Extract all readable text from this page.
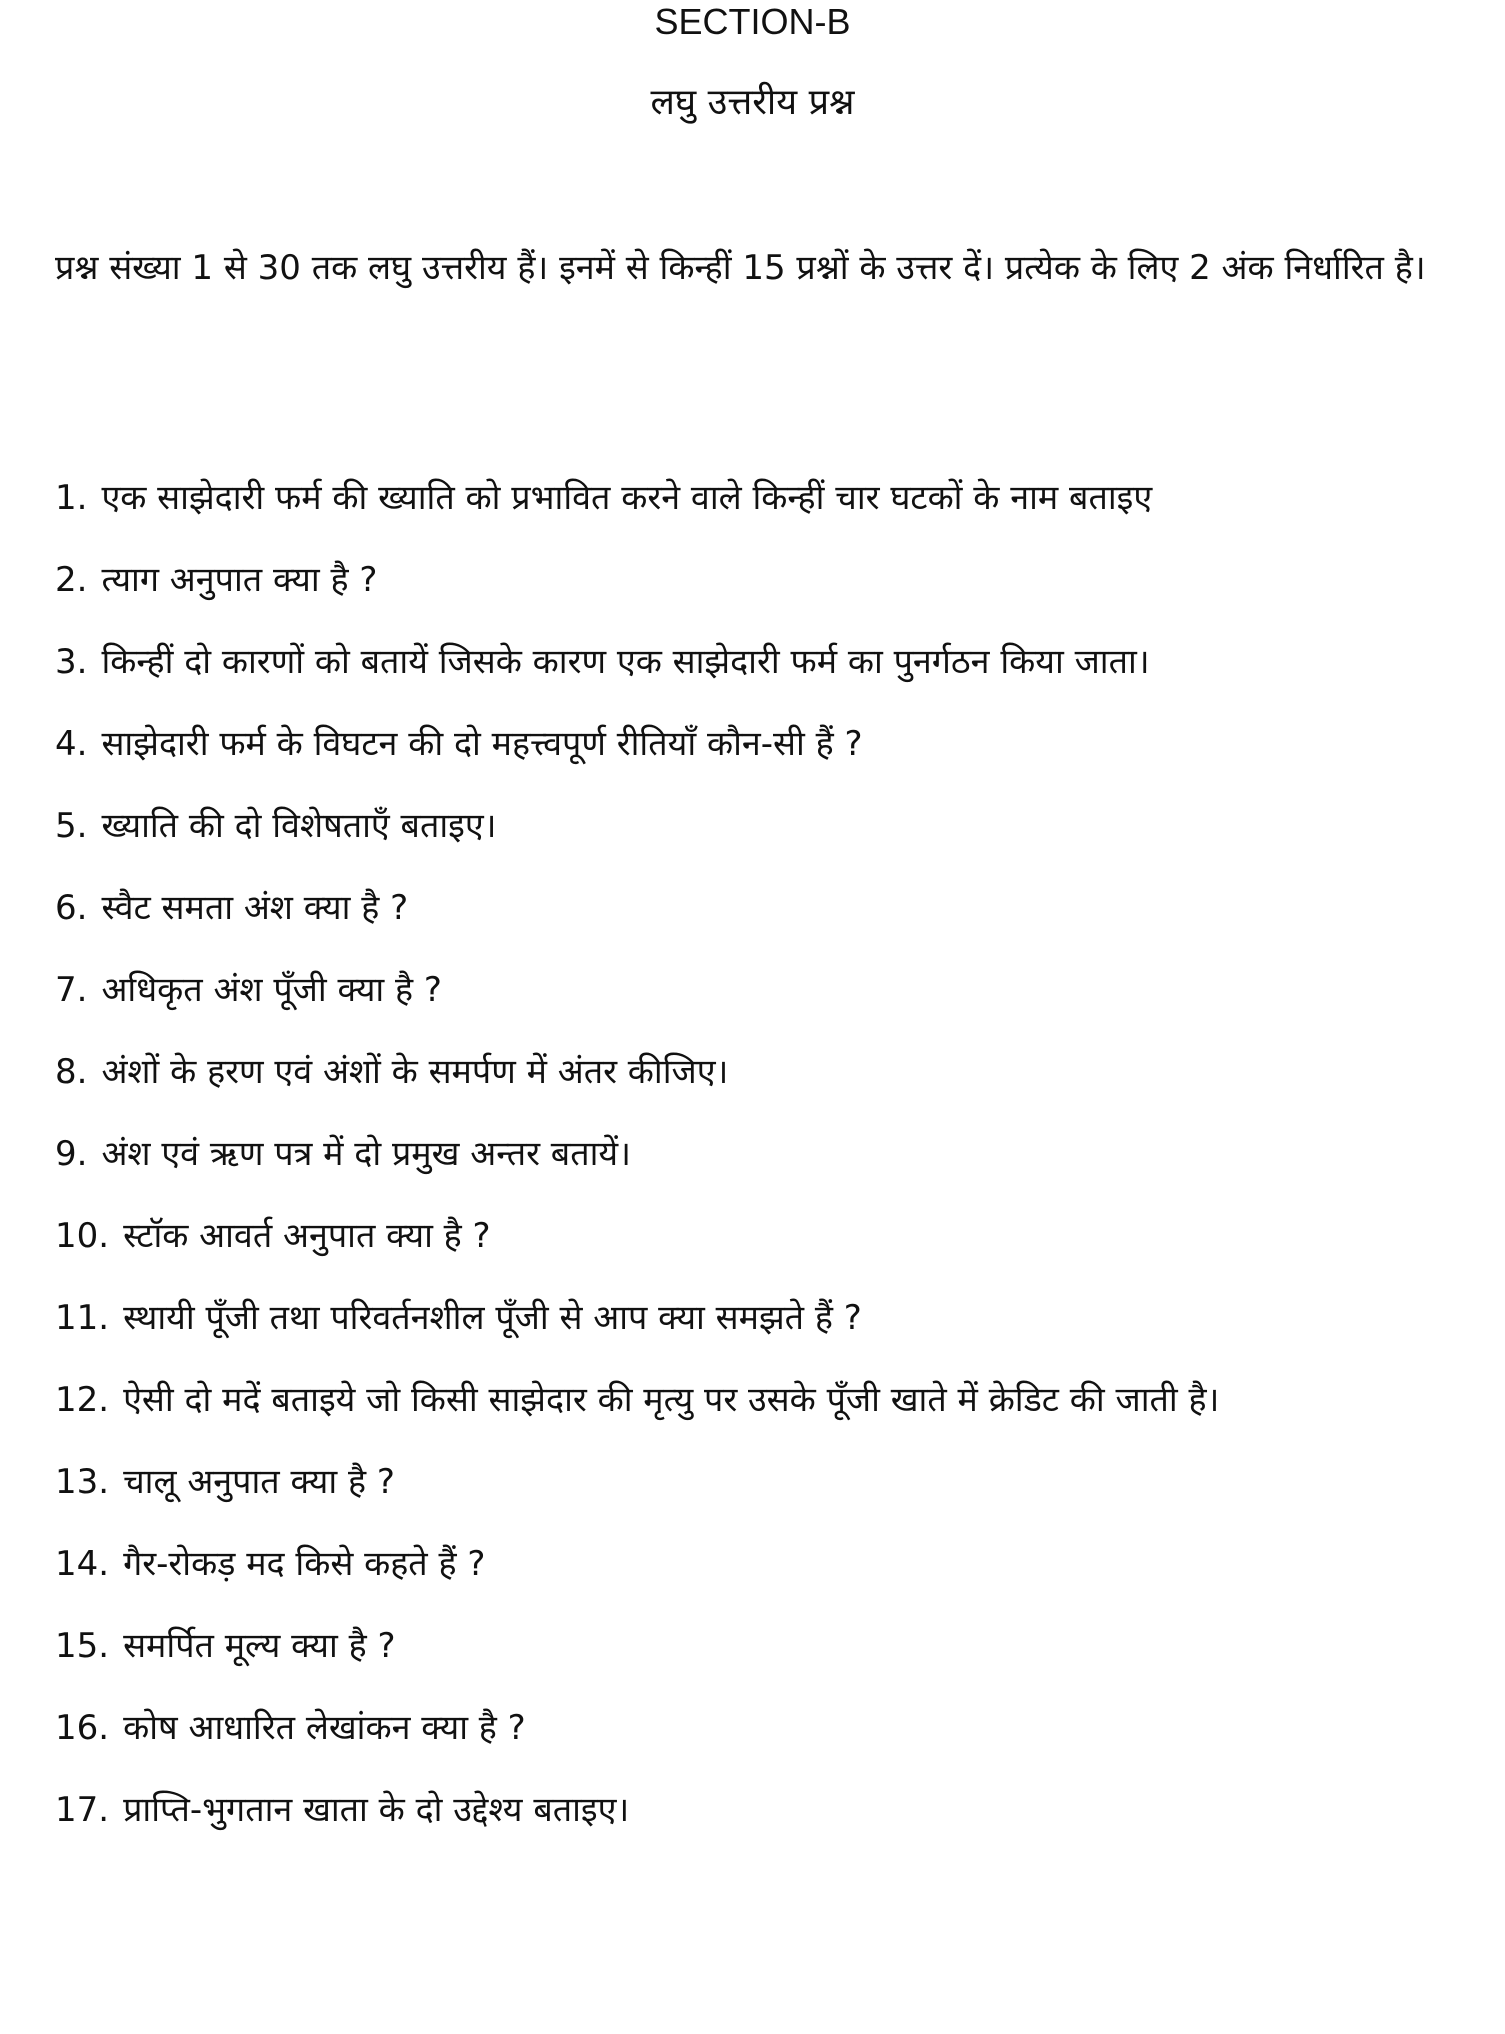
SECTION-B
लघु उत्तरीय प्रश्न
प्रश्न संख्या 1 से 30 तक लघु उत्तरीय हैं। इनमें से किन्हीं 15 प्रश्नों के उत्तर दें। प्रत्येक के लिए 2 अंक निर्धारित है।
1. एक साझेदारी फर्म की ख्याति को प्रभावित करने वाले किन्हीं चार घटकों के नाम बताइए
2. त्याग अनुपात क्या है ?
3. किन्हीं दो कारणों को बतायें जिसके कारण एक साझेदारी फर्म का पुनर्गठन किया जाता।
4. साझेदारी फर्म के विघटन की दो महत्त्वपूर्ण रीतियाँ कौन-सी हैं ?
5. ख्याति की दो विशेषताएँ बताइए।
6. स्वैट समता अंश क्या है ?
7. अधिकृत अंश पूँजी क्या है ?
8. अंशों के हरण एवं अंशों के समर्पण में अंतर कीजिए।
9. अंश एवं ऋण पत्र में दो प्रमुख अन्तर बतायें।
10. स्टॉक आवर्त अनुपात क्या है ?
11. स्थायी पूँजी तथा परिवर्तनशील पूँजी से आप क्या समझते हैं ?
12. ऐसी दो मदें बताइये जो किसी साझेदार की मृत्यु पर उसके पूँजी खाते में क्रेडिट की जाती है।
13. चालू अनुपात क्या है ?
14. गैर-रोकड़ मद किसे कहते हैं ?
15. समर्पित मूल्य क्या है ?
16. कोष आधारित लेखांकन क्या है ?
17. प्राप्ति-भुगतान खाता के दो उद्देश्य बताइए।
